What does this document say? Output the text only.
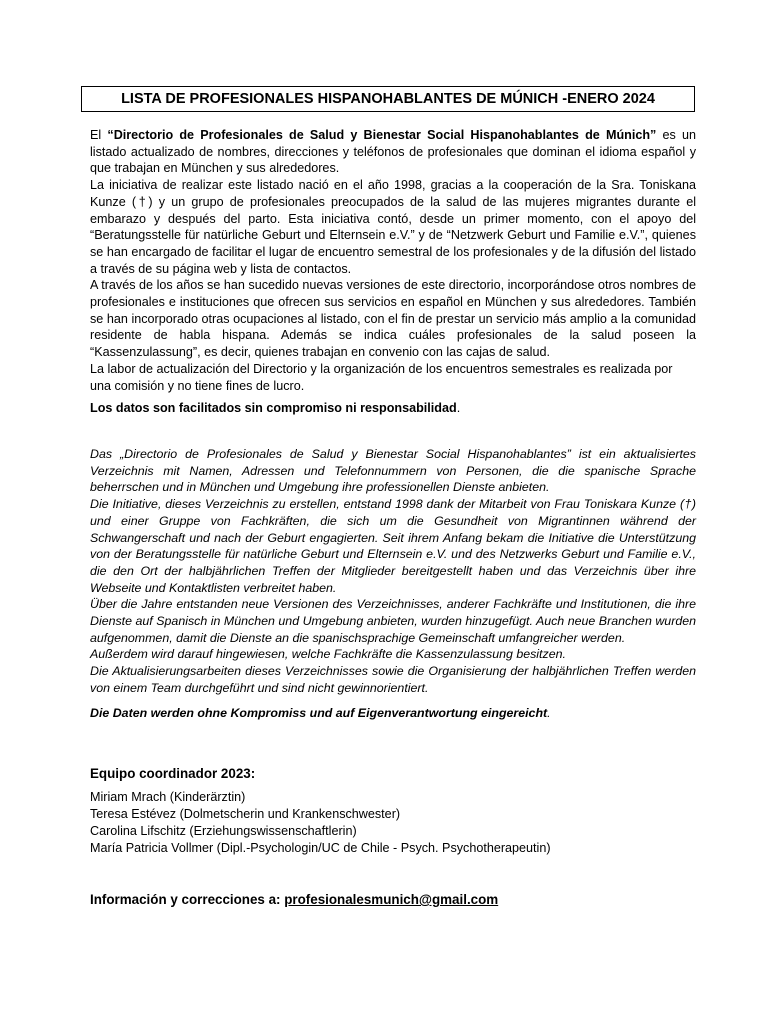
LISTA DE PROFESIONALES HISPANOHABLANTES DE MÚNICH -ENERO 2024

El “Directorio de Profesionales de Salud y Bienestar Social Hispanohablantes de Múnich” es un listado actualizado de nombres, direcciones y teléfonos de profesionales que dominan el idioma español y que trabajan en München y sus alrededores.

La iniciativa de realizar este listado nació en el año 1998, gracias a la cooperación de la Sra. Toniskana Kunze (†) y un grupo de profesionales preocupados de la salud de las mujeres migrantes durante el embarazo y después del parto. Esta iniciativa contó, desde un primer momento, con el apoyo del “Beratungsstelle für natürliche Geburt und Elternsein e.V.” y de “Netzwerk Geburt und Familie e.V.”, quienes se han encargado de facilitar el lugar de encuentro semestral de los profesionales y de la difusión del listado a través de su página web y lista de contactos.

A través de los años se han sucedido nuevas versiones de este directorio, incorporándose otros nombres de profesionales e instituciones que ofrecen sus servicios en español en München y sus alrededores. También se han incorporado otras ocupaciones al listado, con el fin de prestar un servicio más amplio a la comunidad residente de habla hispana. Además se indica cuáles profesionales de la salud poseen la “Kassenzulassung”, es decir, quienes trabajan en convenio con las cajas de salud.

La labor de actualización del Directorio y la organización de los encuentros semestrales es realizada por una comisión y no tiene fines de lucro.

Los datos son facilitados sin compromiso ni responsabilidad.

Das „Directorio de Profesionales de Salud y Bienestar Social Hispanohablantes” ist ein aktualisiertes Verzeichnis mit Namen, Adressen und Telefonnummern von Personen, die die spanische Sprache beherrschen und in München und Umgebung ihre professionellen Dienste anbieten.

Die Initiative, dieses Verzeichnis zu erstellen, entstand 1998 dank der Mitarbeit von Frau Toniskara Kunze (†) und einer Gruppe von Fachkräften, die sich um die Gesundheit von Migrantinnen während der Schwangerschaft und nach der Geburt engagierten. Seit ihrem Anfang bekam die Initiative die Unterstützung von der Beratungsstelle für natürliche Geburt und Elternsein e.V. und des Netzwerks Geburt und Familie e.V., die den Ort der halbjährlichen Treffen der Mitglieder bereitgestellt haben und das Verzeichnis über ihre Webseite und Kontaktlisten verbreitet haben.

Über die Jahre entstanden neue Versionen des Verzeichnisses, anderer Fachkräfte und Institutionen, die ihre Dienste auf Spanisch in München und Umgebung anbieten, wurden hinzugefügt. Auch neue Branchen wurden aufgenommen, damit die Dienste an die spanischsprachige Gemeinschaft umfangreicher werden.

Außerdem wird darauf hingewiesen, welche Fachkräfte die Kassenzulassung besitzen.

Die Aktualisierungsarbeiten dieses Verzeichnisses sowie die Organisierung der halbjährlichen Treffen werden von einem Team durchgeführt und sind nicht gewinnorientiert.

Die Daten werden ohne Kompromiss und auf Eigenverantwortung eingereicht.

Equipo coordinador 2023:
Miriam Mrach (Kinderärztin)
Teresa Estévez (Dolmetscherin und Krankenschwester)
Carolina Lifschitz (Erziehungswissenschaftlerin)
María Patricia Vollmer (Dipl.-Psychologin/UC de Chile - Psych. Psychotherapeutin)
Información y correcciones a: profesionalesmunich@gmail.com
